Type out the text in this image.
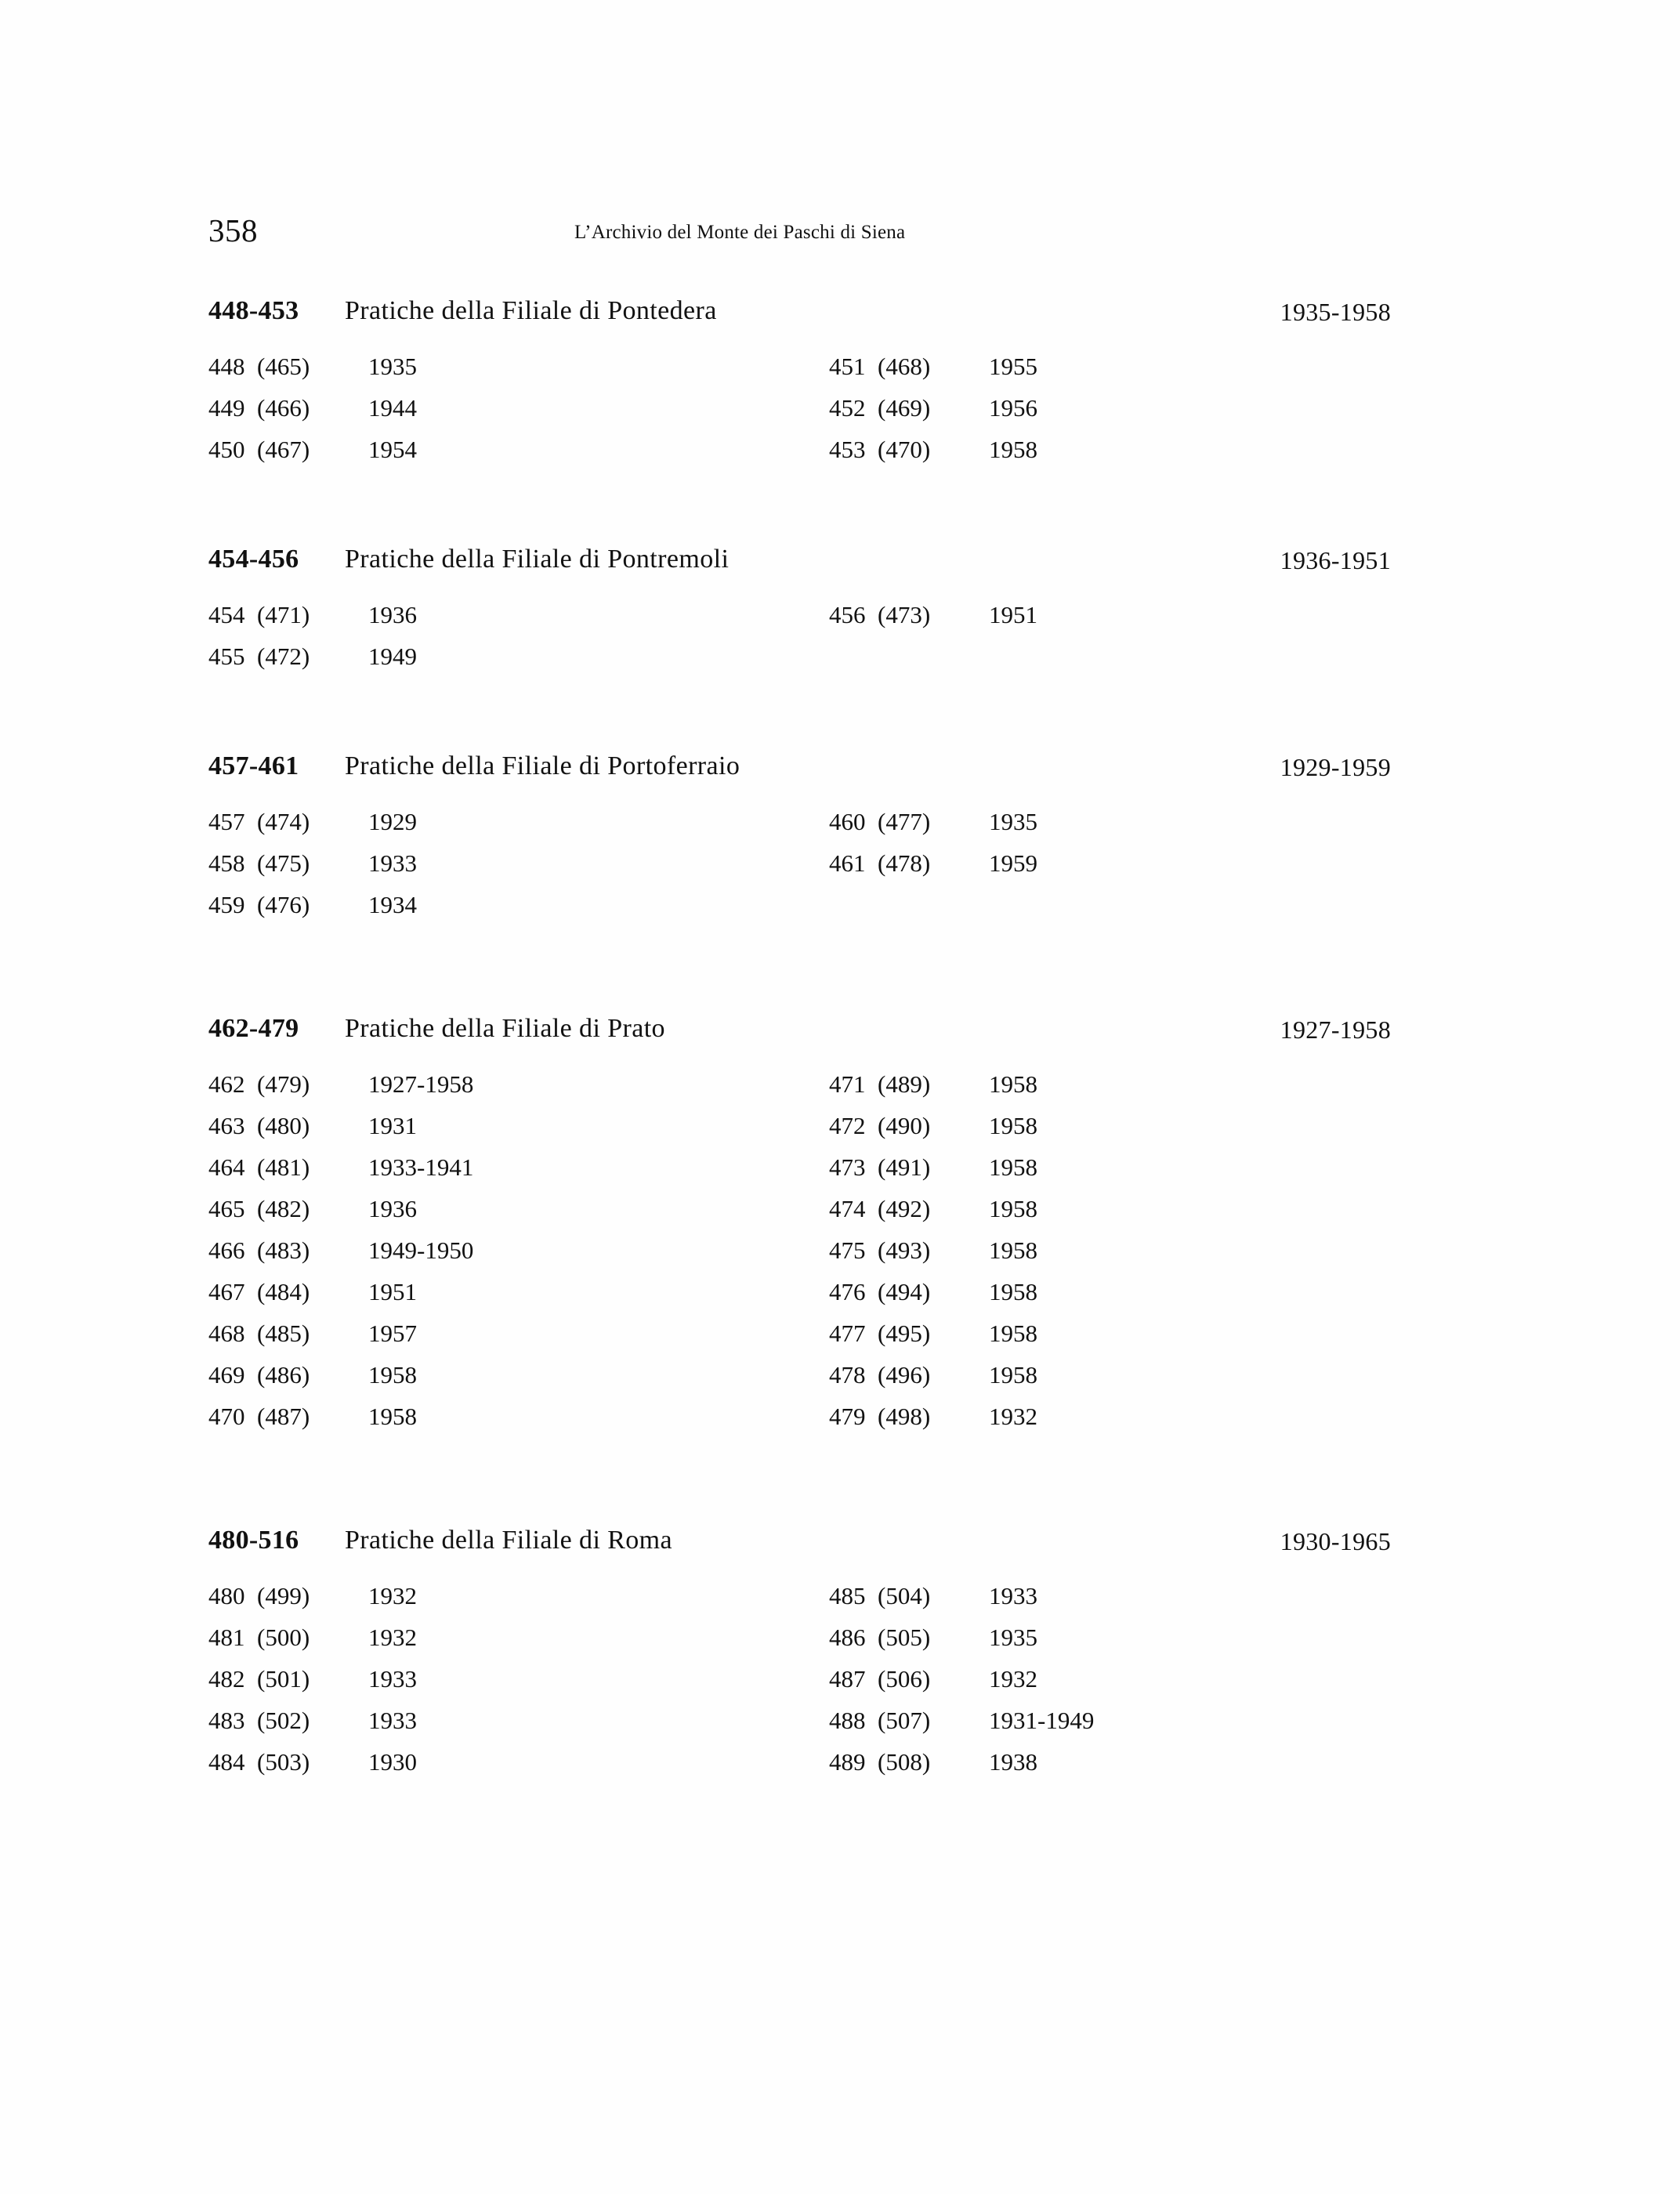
358	L’Archivio del Monte dei Paschi di Siena
448-453 Pratiche della Filiale di Pontedera	1935-1958
448 (465) 1935
449 (466) 1944
450 (467) 1954
451 (468) 1955
452 (469) 1956
453 (470) 1958
454-456 Pratiche della Filiale di Pontremoli	1936-1951
454 (471) 1936
455 (472) 1949
456 (473) 1951
457-461 Pratiche della Filiale di Portoferraio	1929-1959
457 (474) 1929
458 (475) 1933
459 (476) 1934
460 (477) 1935
461 (478) 1959
462-479 Pratiche della Filiale di Prato	1927-1958
462 (479) 1927-1958
463 (480) 1931
464 (481) 1933-1941
465 (482) 1936
466 (483) 1949-1950
467 (484) 1951
468 (485) 1957
469 (486) 1958
470 (487) 1958
471 (489) 1958
472 (490) 1958
473 (491) 1958
474 (492) 1958
475 (493) 1958
476 (494) 1958
477 (495) 1958
478 (496) 1958
479 (498) 1932
480-516 Pratiche della Filiale di Roma	1930-1965
480 (499) 1932
481 (500) 1932
482 (501) 1933
483 (502) 1933
484 (503) 1930
485 (504) 1933
486 (505) 1935
487 (506) 1932
488 (507) 1931-1949
489 (508) 1938
